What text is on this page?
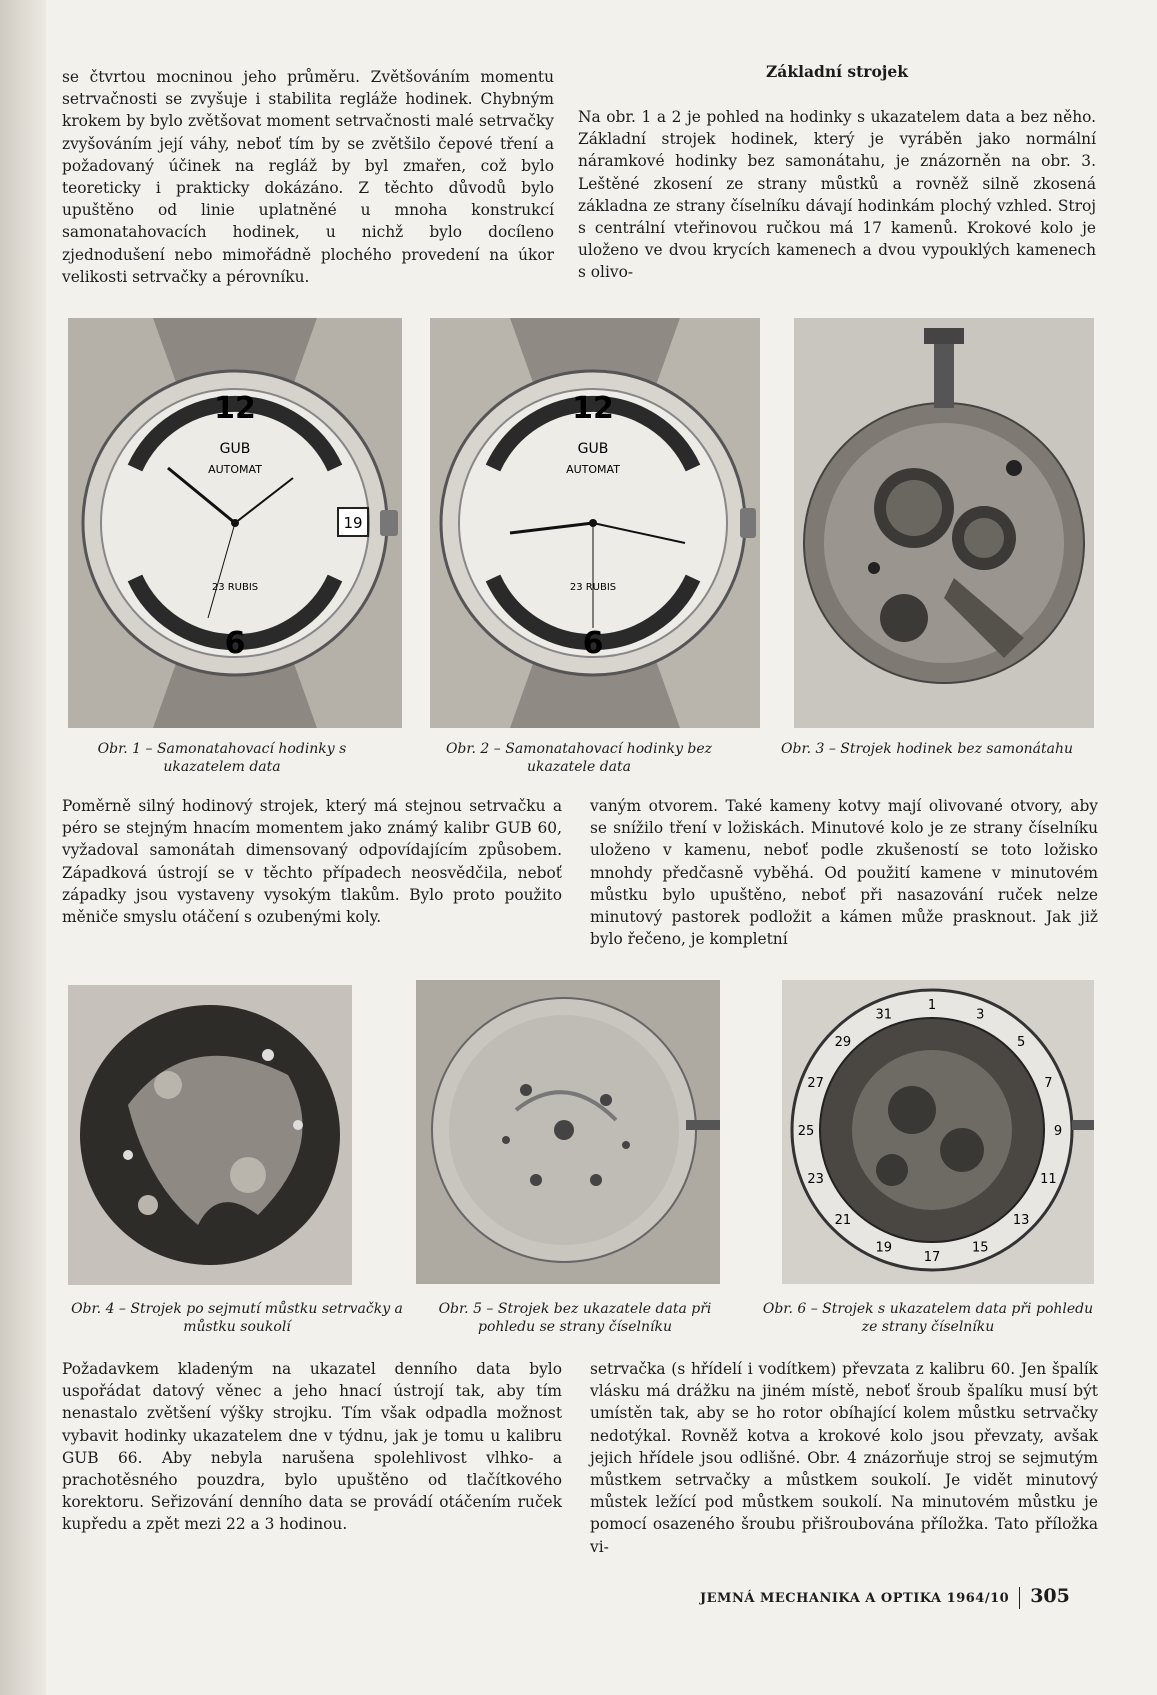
se čtvrtou mocninou jeho průměru. Zvětšováním momentu setrvačnosti se zvyšuje i stabilita regláže hodinek. Chybným krokem by bylo zvětšovat moment setrvačnosti malé setrvačky zvyšováním její váhy, neboť tím by se zvětšilo čepové tření a požadovaný účinek na regláž by byl zmařen, což bylo teoreticky i prakticky dokázáno. Z těchto důvodů bylo upuštěno od linie uplatněné u mnoha konstrukcí samonatahovacích hodinek, u nichž bylo docíleno zjednodušení nebo mimořádně plochého provedení na úkor velikosti setrvačky a pérovníku.

Základní strojek

Na obr. 1 a 2 je pohled na hodinky s ukazatelem data a bez něho. Základní strojek hodinek, který je vyráběn jako normální náramkové hodinky bez samonátahu, je znázorněn na obr. 3. Leštěné zkosení ze strany můstků a rovněž silně zkosená základna ze strany číselníku dávají hodinkám plochý vzhled. Stroj s centrální vteřinovou ručkou má 17 kamenů. Krokové kolo je uloženo ve dvou krycích kamenech a dvou vypouklých kamenech s olivo-

19
12
6
GUB
AUTOMAT
23 RUBIS

Obr. 1 – Samonatahovací hodinky s ukazatelem data

12
6
GUB
AUTOMAT
23 RUBIS

Obr. 2 – Samonatahovací hodinky bez ukazatele data

Obr. 3 – Strojek hodinek bez samonátahu

Poměrně silný hodinový strojek, který má stejnou setrvačku a péro se stejným hnacím momentem jako známý kalibr GUB 60, vyžadoval samonátah dimensovaný odpovídajícím způsobem. Západková ústrojí se v těchto případech neosvědčila, neboť západky jsou vystaveny vysokým tlakům. Bylo proto použito měniče smyslu otáčení s ozubenými koly.

vaným otvorem. Také kameny kotvy mají olivované otvory, aby se snížilo tření v ložiskách. Minutové kolo je ze strany číselníku uloženo v kamenu, neboť podle zkušeností se toto ložisko mnohdy předčasně vyběhá. Od použití kamene v minutovém můstku bylo upuštěno, neboť při nasazování ruček nelze minutový pastorek podložit a kámen může prasknout. Jak již bylo řečeno, je kompletní

Obr. 4 – Strojek po sejmutí můstku setrvačky a můstku soukolí

Obr. 5 – Strojek bez ukazatele data při pohledu se strany číselníku

1
3
5
7
9
11
13
15
17
19
21
23
25
27
29
31

Obr. 6 – Strojek s ukazatelem data při pohledu ze strany číselníku

Požadavkem kladeným na ukazatel denního data bylo uspořádat datový věnec a jeho hnací ústrojí tak, aby tím nenastalo zvětšení výšky strojku. Tím však odpadla možnost vybavit hodinky ukazatelem dne v týdnu, jak je tomu u kalibru GUB 66. Aby nebyla narušena spolehlivost vlhko- a prachotěsného pouzdra, bylo upuštěno od tlačítkového korektoru. Seřizování denního data se provádí otáčením ruček kupředu a zpět mezi 22 a 3 hodinou.

setrvačka (s hřídelí i vodítkem) převzata z kalibru 60. Jen špalík vlásku má drážku na jiném místě, neboť šroub špalíku musí být umístěn tak, aby se ho rotor obíhající kolem můstku setrvačky nedotýkal. Rovněž kotva a krokové kolo jsou převzaty, avšak jejich hřídele jsou odlišné. Obr. 4 znázorňuje stroj se sejmutým můstkem setrvačky a můstkem soukolí. Je vidět minutový můstek ležící pod můstkem soukolí. Na minutovém můstku je pomocí osazeného šroubu přišroubována příložka. Tato příložka vi-

JEMNÁ MECHANIKA A OPTIKA 1964/10 305
